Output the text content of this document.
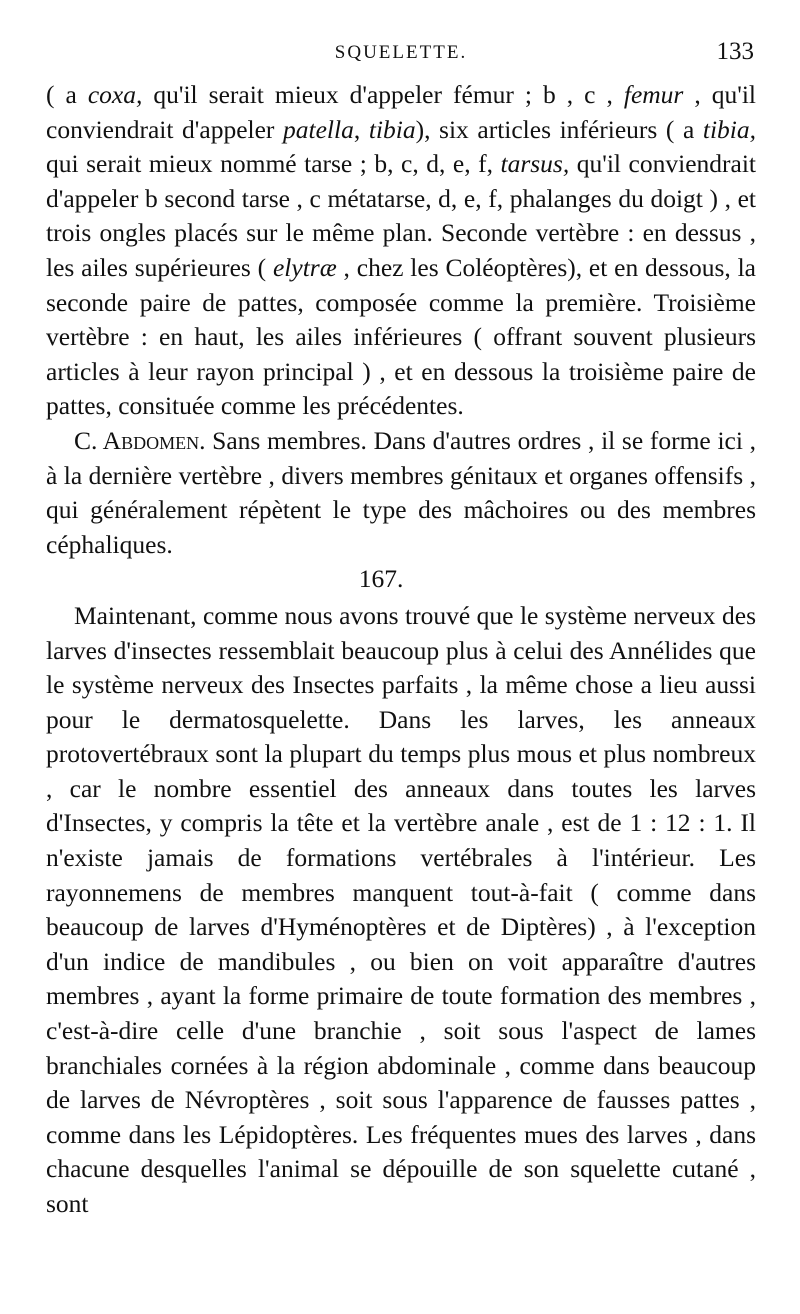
SQUELETTE.	133

( a coxa, qu'il serait mieux d'appeler fémur ; b , c , femur , qu'il conviendrait d'appeler patella, tibia), six articles inférieurs ( a tibia, qui serait mieux nommé tarse ; b, c, d, e, f, tarsus, qu'il conviendrait d'appeler b second tarse , c métatarse, d, e, f, phalanges du doigt ) , et trois ongles placés sur le même plan. Seconde vertèbre : en dessus , les ailes supérieures ( elytræ , chez les Coléoptères), et en dessous, la seconde paire de pattes, composée comme la première. Troisième vertèbre : en haut, les ailes inférieures ( offrant souvent plusieurs articles à leur rayon principal ) , et en dessous la troisième paire de pattes, consituée comme les précédentes.

C. Abdomen. Sans membres. Dans d'autres ordres , il se forme ici , à la dernière vertèbre , divers membres génitaux et organes offensifs , qui généralement répètent le type des mâchoires ou des membres céphaliques.

167.

Maintenant, comme nous avons trouvé que le système nerveux des larves d'insectes ressemblait beaucoup plus à celui des Annélides que le système nerveux des Insectes parfaits , la même chose a lieu aussi pour le dermatosquelette. Dans les larves, les anneaux protovertébraux sont la plupart du temps plus mous et plus nombreux , car le nombre essentiel des anneaux dans toutes les larves d'Insectes, y compris la tête et la vertèbre anale , est de 1 : 12 : 1. Il n'existe jamais de formations vertébrales à l'intérieur. Les rayonnemens de membres manquent tout-à-fait ( comme dans beaucoup de larves d'Hyménoptères et de Diptères) , à l'exception d'un indice de mandibules , ou bien on voit apparaître d'autres membres , ayant la forme primaire de toute formation des membres , c'est-à-dire celle d'une branchie , soit sous l'aspect de lames branchiales cornées à la région abdominale , comme dans beaucoup de larves de Névroptères , soit sous l'apparence de fausses pattes , comme dans les Lépidoptères. Les fréquentes mues des larves , dans chacune desquelles l'animal se dépouille de son squelette cutané , sont
